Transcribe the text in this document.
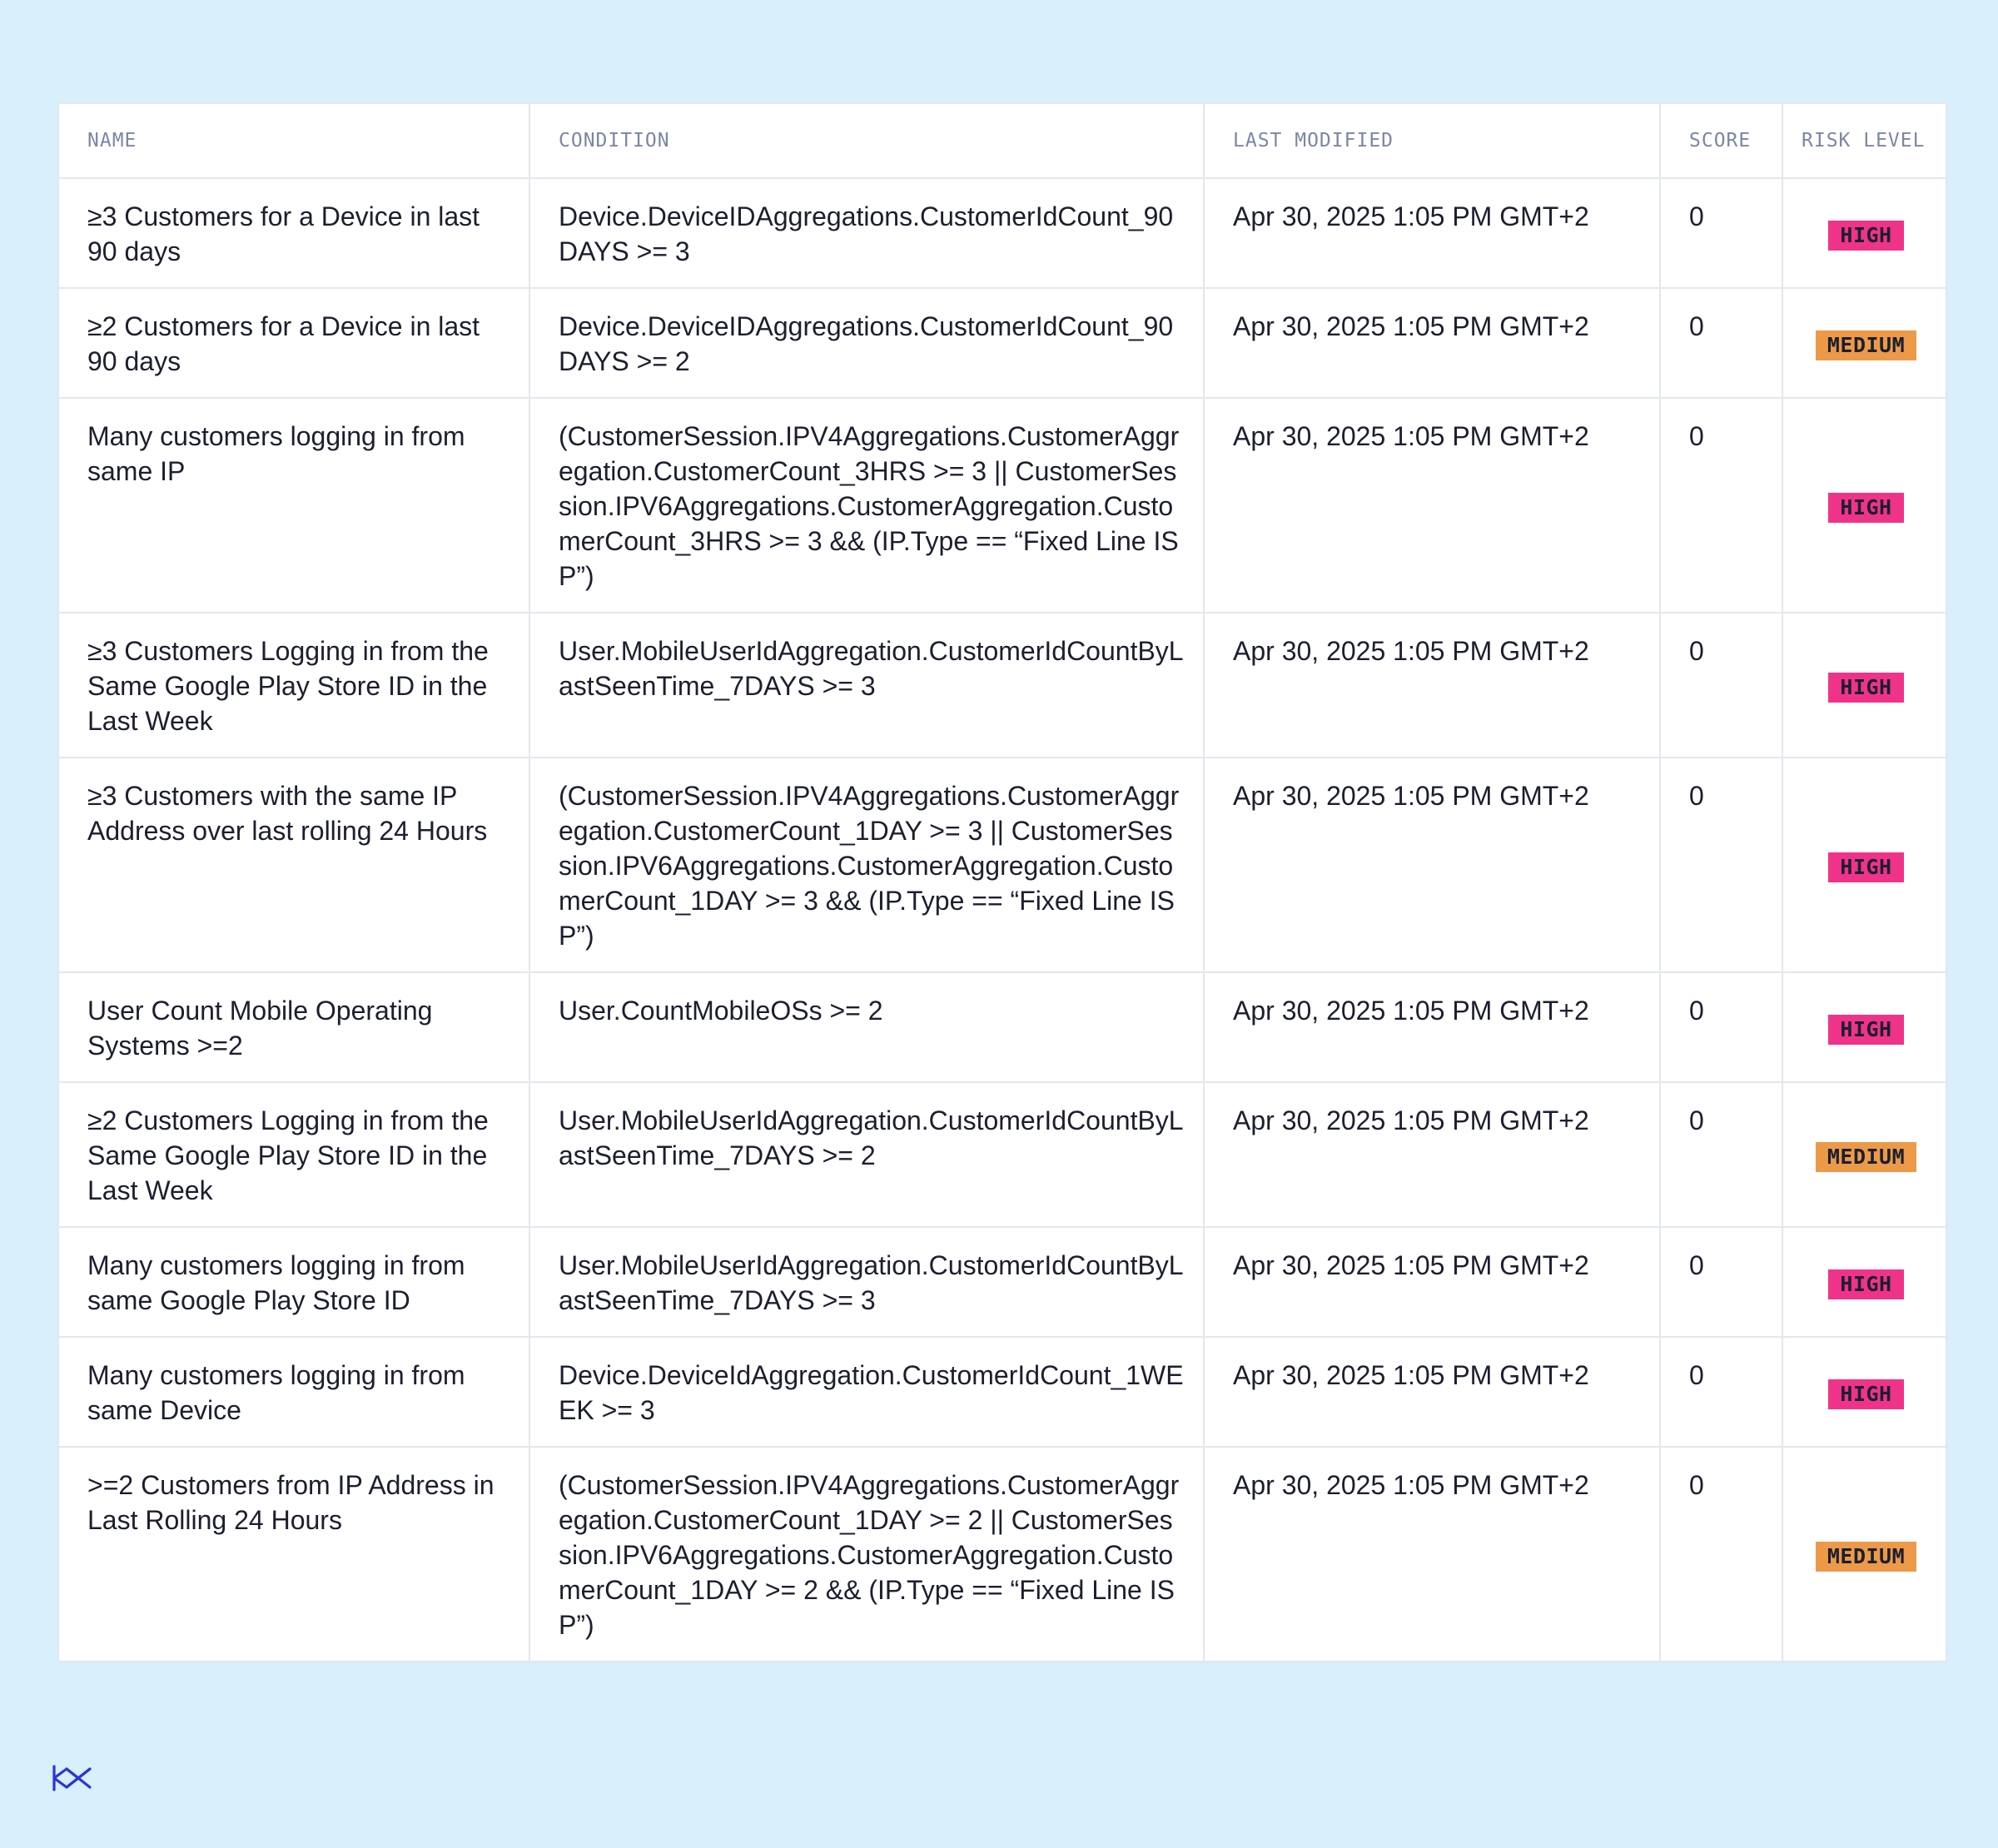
NAME	CONDITION	LAST MODIFIED	SCORE	RISK LEVEL
≥3 Customers for a Device in last 90 days	Device.DeviceIDAggregations.CustomerIdCount_90DAYS >= 3	Apr 30, 2025 1:05 PM GMT+2	0	HIGH
≥2 Customers for a Device in last 90 days	Device.DeviceIDAggregations.CustomerIdCount_90DAYS >= 2	Apr 30, 2025 1:05 PM GMT+2	0	MEDIUM
Many customers logging in from same IP	(CustomerSession.IPV4Aggregations.CustomerAggregation.CustomerCount_3HRS >= 3 || CustomerSession.IPV6Aggregations.CustomerAggregation.CustomerCount_3HRS >= 3 && (IP.Type == “Fixed Line ISP”)	Apr 30, 2025 1:05 PM GMT+2	0	HIGH
≥3 Customers Logging in from the Same Google Play Store ID in the Last Week	User.MobileUserIdAggregation.CustomerIdCountByLastSeenTime_7DAYS >= 3	Apr 30, 2025 1:05 PM GMT+2	0	HIGH
≥3 Customers with the same IP Address over last rolling 24 Hours	(CustomerSession.IPV4Aggregations.CustomerAggregation.CustomerCount_1DAY >= 3 || CustomerSession.IPV6Aggregations.CustomerAggregation.CustomerCount_1DAY >= 3 && (IP.Type == “Fixed Line ISP”)	Apr 30, 2025 1:05 PM GMT+2	0	HIGH
User Count Mobile Operating Systems >=2	User.CountMobileOSs >= 2	Apr 30, 2025 1:05 PM GMT+2	0	HIGH
≥2 Customers Logging in from the Same Google Play Store ID in the Last Week	User.MobileUserIdAggregation.CustomerIdCountByLastSeenTime_7DAYS >= 2	Apr 30, 2025 1:05 PM GMT+2	0	MEDIUM
Many customers logging in from same Google Play Store ID	User.MobileUserIdAggregation.CustomerIdCountByLastSeenTime_7DAYS >= 3	Apr 30, 2025 1:05 PM GMT+2	0	HIGH
Many customers logging in from same Device	Device.DeviceIdAggregation.CustomerIdCount_1WEEK >= 3	Apr 30, 2025 1:05 PM GMT+2	0	HIGH
>=2 Customers from IP Address in Last Rolling 24 Hours	(CustomerSession.IPV4Aggregations.CustomerAggregation.CustomerCount_1DAY >= 2 || CustomerSession.IPV6Aggregations.CustomerAggregation.CustomerCount_1DAY >= 2 && (IP.Type == “Fixed Line ISP”)	Apr 30, 2025 1:05 PM GMT+2	0	MEDIUM
